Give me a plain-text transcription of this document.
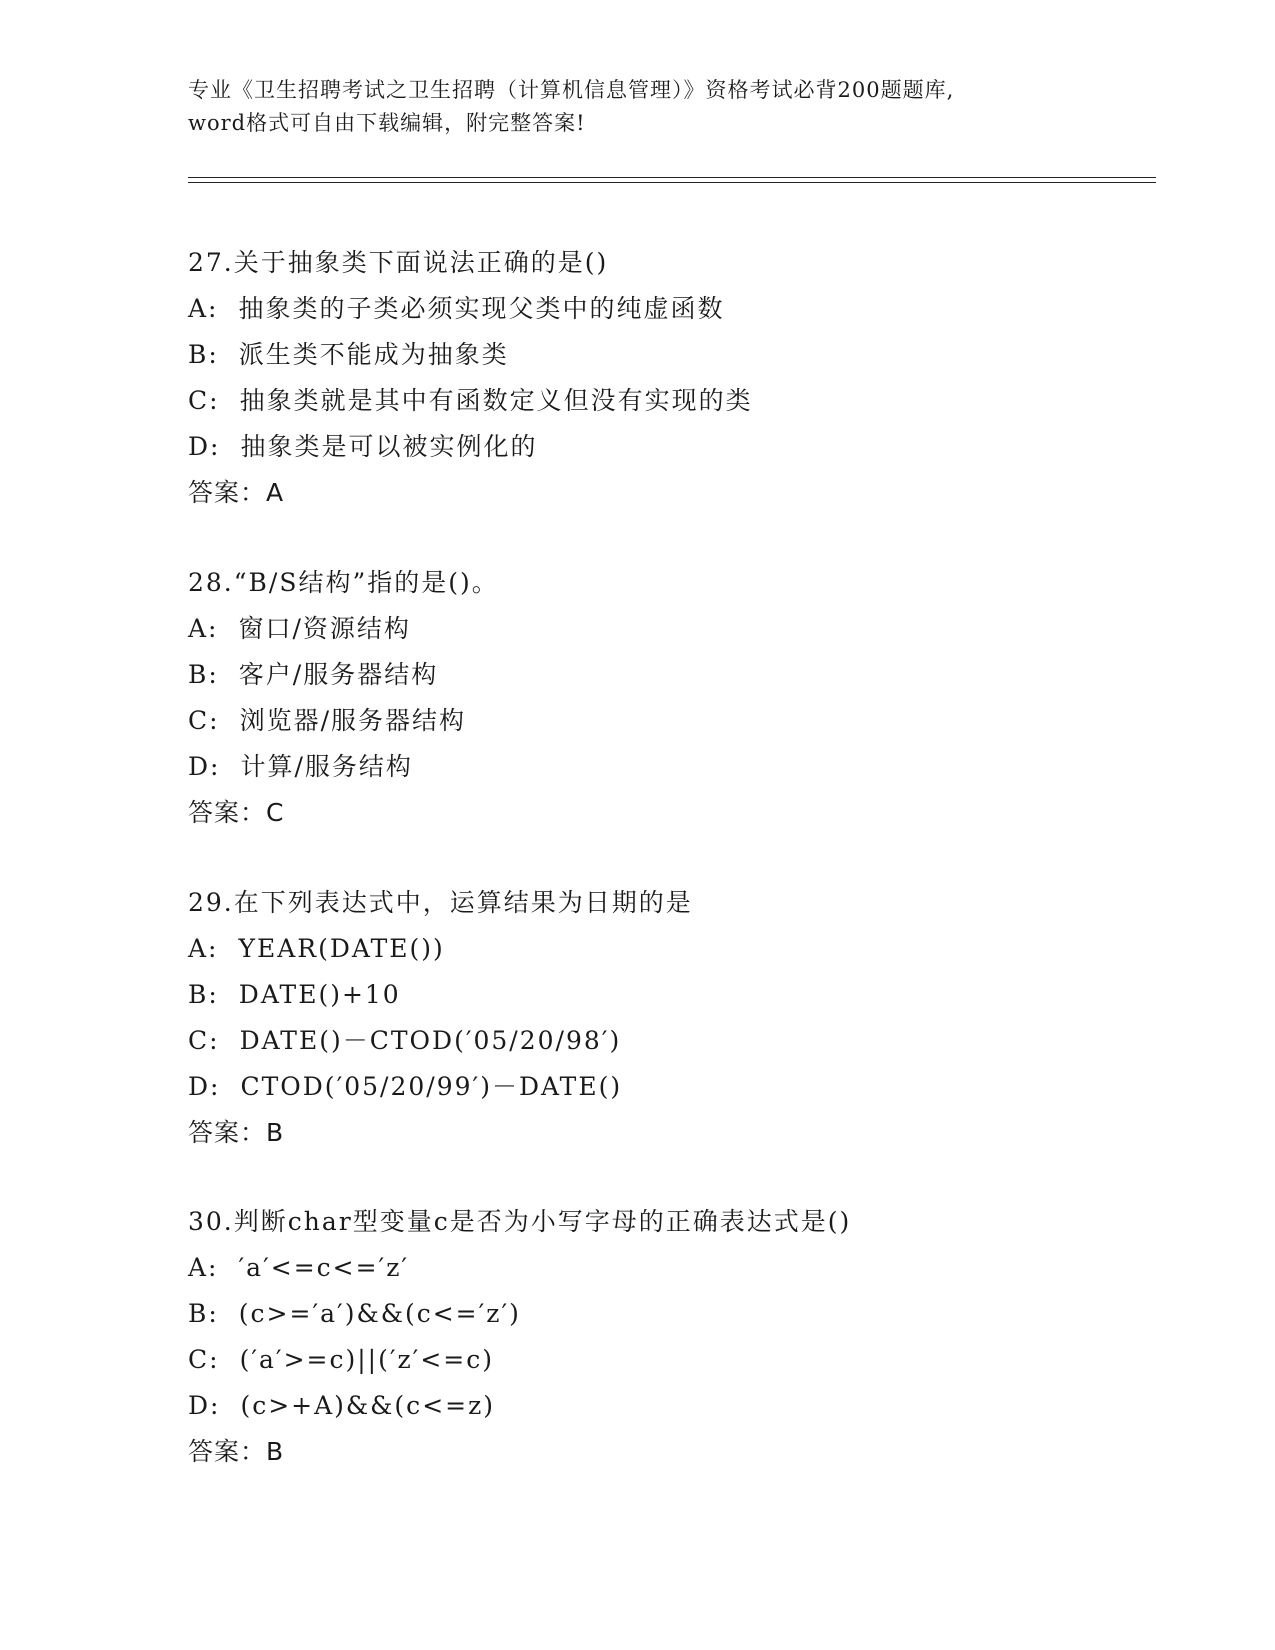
专业《卫生招聘考试之卫生招聘（计算机信息管理）》资格考试必背200题题库,
word格式可自由下载编辑，附完整答案!
27.关于抽象类下面说法正确的是()
A: 抽象类的子类必须实现父类中的纯虚函数
B: 派生类不能成为抽象类
C: 抽象类就是其中有函数定义但没有实现的类
D: 抽象类是可以被实例化的
答案：A
28.“B/S结构”指的是()。
A: 窗口/资源结构
B: 客户/服务器结构
C: 浏览器/服务器结构
D: 计算/服务结构
答案：C
29.在下列表达式中，运算结果为日期的是
A: YEAR(DATE())
B: DATE()+10
C: DATE()－CTOD(′05/20/98′)
D: CTOD(′05/20/99′)－DATE()
答案：B
30.判断char型变量c是否为小写字母的正确表达式是()
A: ′a′<=c<=′z′
B: (c>=′a′)&&(c<=′z′)
C: (′a′>=c)||(′z′<=c)
D: (c>+A)&&(c<=z)
答案：B
